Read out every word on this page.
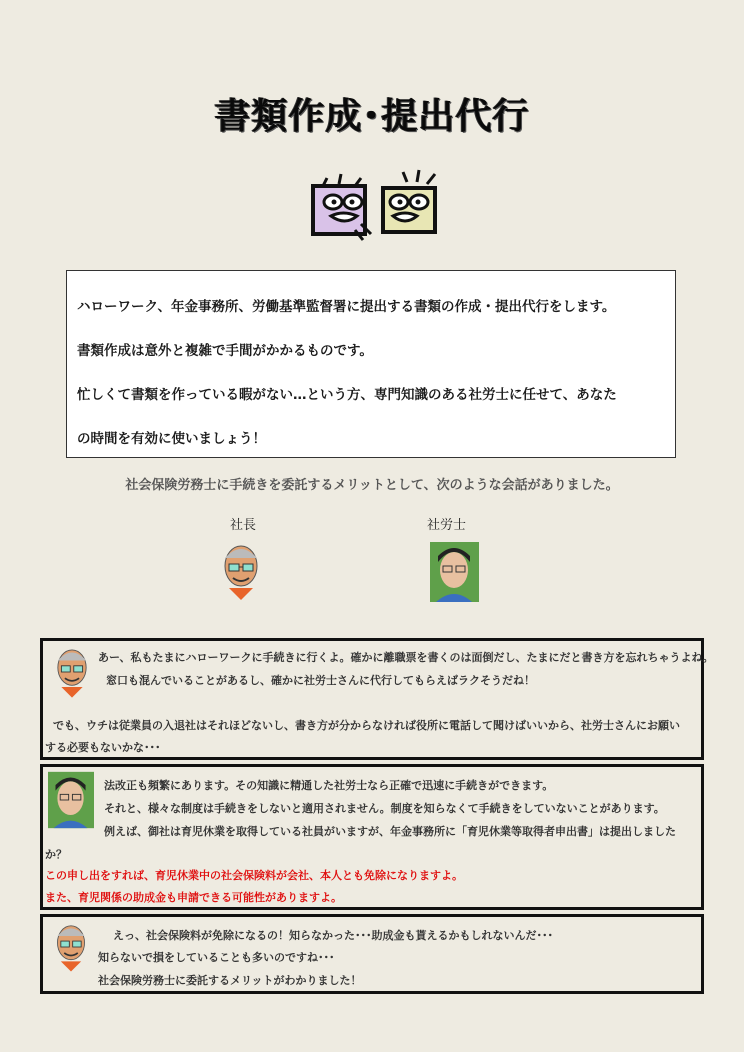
書類作成･提出代行

ハローワーク、年金事務所、労働基準監督署に提出する書類の作成・提出代行をします。

書類作成は意外と複雑で手間がかかるものです。

忙しくて書類を作っている暇がない…という方、専門知識のある社労士に任せて、あなた

の時間を有効に使いましょう！

社会保険労務士に手続きを委託するメリットとして、次のような会話がありました。
社長	社労士
あー、私もたまにハローワークに手続きに行くよ。確かに離職票を書くのは面倒だし、たまにだと書き方を忘れちゃうよね。
窓口も混んでいることがあるし、確かに社労士さんに代行してもらえばラクそうだね！
でも、ウチは従業員の入退社はそれほどないし、書き方が分からなければ役所に電話して聞けばいいから、社労士さんにお願い
する必要もないかな･･･
法改正も頻繁にあります。その知識に精通した社労士なら正確で迅速に手続きができます。
それと、様々な制度は手続きをしないと適用されません。制度を知らなくて手続きをしていないことがあります。
例えば、御社は育児休業を取得している社員がいますが、年金事務所に「育児休業等取得者申出書」は提出しました
か？
この申し出をすれば、育児休業中の社会保険料が会社、本人とも免除になりますよ。
また、育児関係の助成金も申請できる可能性がありますよ。
えっ、社会保険料が免除になるの！知らなかった･･･助成金も貰えるかもしれないんだ･･･
知らないで損をしていることも多いのですね･･･
社会保険労務士に委託するメリットがわかりました！
